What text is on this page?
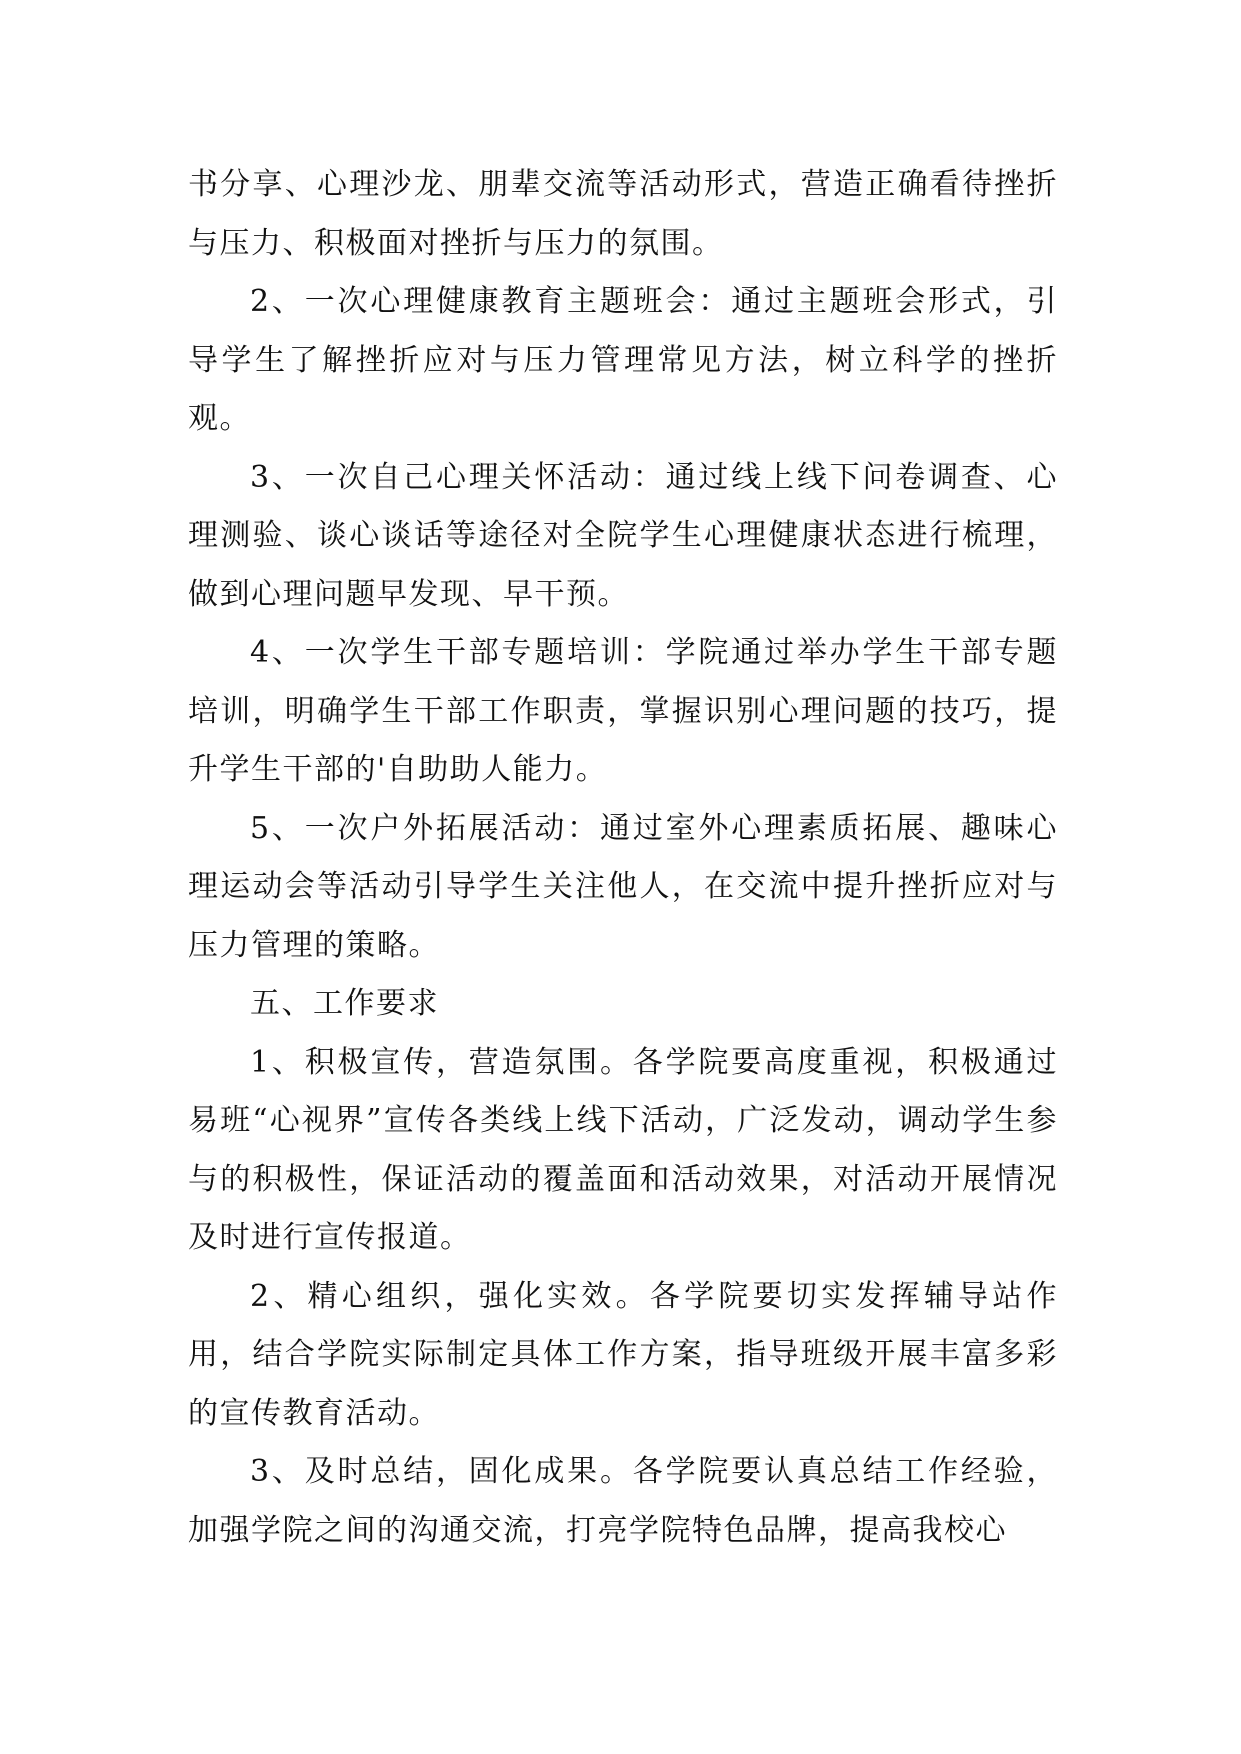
书分享、心理沙龙、朋辈交流等活动形式，营造正确看待挫折与压力、积极面对挫折与压力的氛围。

2、一次心理健康教育主题班会：通过主题班会形式，引导学生了解挫折应对与压力管理常见方法，树立科学的挫折观。

3、一次自己心理关怀活动：通过线上线下问卷调查、心理测验、谈心谈话等途径对全院学生心理健康状态进行梳理，做到心理问题早发现、早干预。

4、一次学生干部专题培训：学院通过举办学生干部专题培训，明确学生干部工作职责，掌握识别心理问题的技巧，提升学生干部的'自助助人能力。

5、一次户外拓展活动：通过室外心理素质拓展、趣味心理运动会等活动引导学生关注他人，在交流中提升挫折应对与压力管理的策略。

五、工作要求

1、积极宣传，营造氛围。各学院要高度重视，积极通过易班“心视界”宣传各类线上线下活动，广泛发动，调动学生参与的积极性，保证活动的覆盖面和活动效果，对活动开展情况及时进行宣传报道。

2、精心组织，强化实效。各学院要切实发挥辅导站作用，结合学院实际制定具体工作方案，指导班级开展丰富多彩的宣传教育活动。

3、及时总结，固化成果。各学院要认真总结工作经验，加强学院之间的沟通交流，打亮学院特色品牌，提高我校心
